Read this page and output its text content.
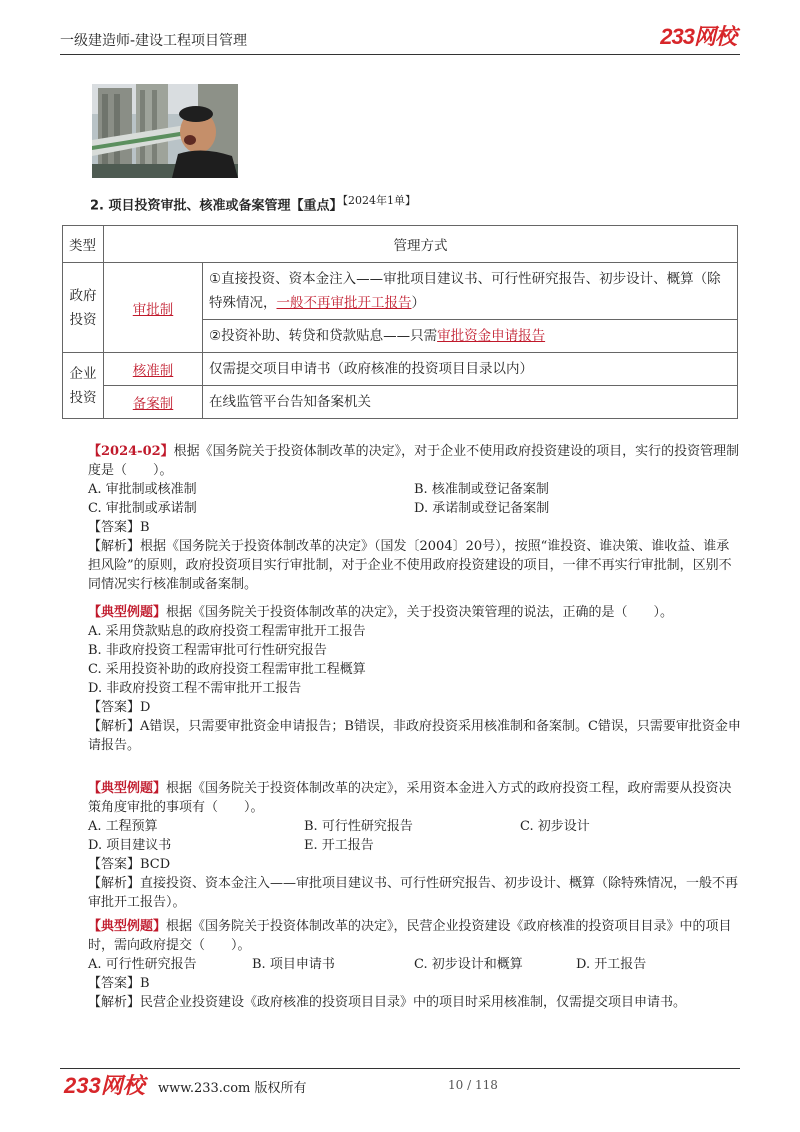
一级建造师-建设工程项目管理	233网校
2. 项目投资审批、核准或备案管理【重点】$^{【2024年1单】}$
类型	管理方式	
政府投资	审批制	①直接投资、资本金注入——审批项目建议书、可行性研究报告、初步设计、概算（除特殊情况，一般不再审批开工报告）
		②投资补助、转贷和贷款贴息——只需审批资金申请报告
企业投资	核准制	仅需提交项目申请书（政府核准的投资项目目录以内）
	备案制	在线监管平台告知备案机关

【2024-02】根据《国务院关于投资体制改革的决定》，对于企业不使用政府投资建设的项目，实行的投资管理制度是（　　）。

A. 审批制或核准制	B. 核准制或登记备案制
C. 审批制或承诺制	D. 承诺制或登记备案制

【答案】B

【解析】根据《国务院关于投资体制改革的决定》（国发〔2004〕20号），按照“谁投资、谁决策、谁收益、谁承担风险”的原则，政府投资项目实行审批制，对于企业不使用政府投资建设的项目，一律不再实行审批制，区别不同情况实行核准制或备案制。

【典型例题】根据《国务院关于投资体制改革的决定》，关于投资决策管理的说法，正确的是（　　）。

A. 采用贷款贴息的政府投资工程需审批开工报告

B. 非政府投资工程需审批可行性研究报告

C. 采用投资补助的政府投资工程需审批工程概算

D. 非政府投资工程不需审批开工报告

【答案】D

【解析】A错误，只需要审批资金申请报告；B错误，非政府投资采用核准制和备案制。C错误，只需要审批资金申请报告。

【典型例题】根据《国务院关于投资体制改革的决定》，采用资本金进入方式的政府投资工程，政府需要从投资决策角度审批的事项有（　　）。

A. 工程预算	B. 可行性研究报告	C. 初步设计
D. 项目建议书	E. 开工报告

【答案】BCD

【解析】直接投资、资本金注入——审批项目建议书、可行性研究报告、初步设计、概算（除特殊情况，一般不再审批开工报告）。

【典型例题】根据《国务院关于投资体制改革的决定》，民营企业投资建设《政府核准的投资项目目录》中的项目时，需向政府提交（　　）。

A. 可行性研究报告	B. 项目申请书	C. 初步设计和概算	D. 开工报告

【答案】B

【解析】民营企业投资建设《政府核准的投资项目目录》中的项目时采用核准制，仅需提交项目申请书。

233网校 www.233.com 版权所有	10 / 118
